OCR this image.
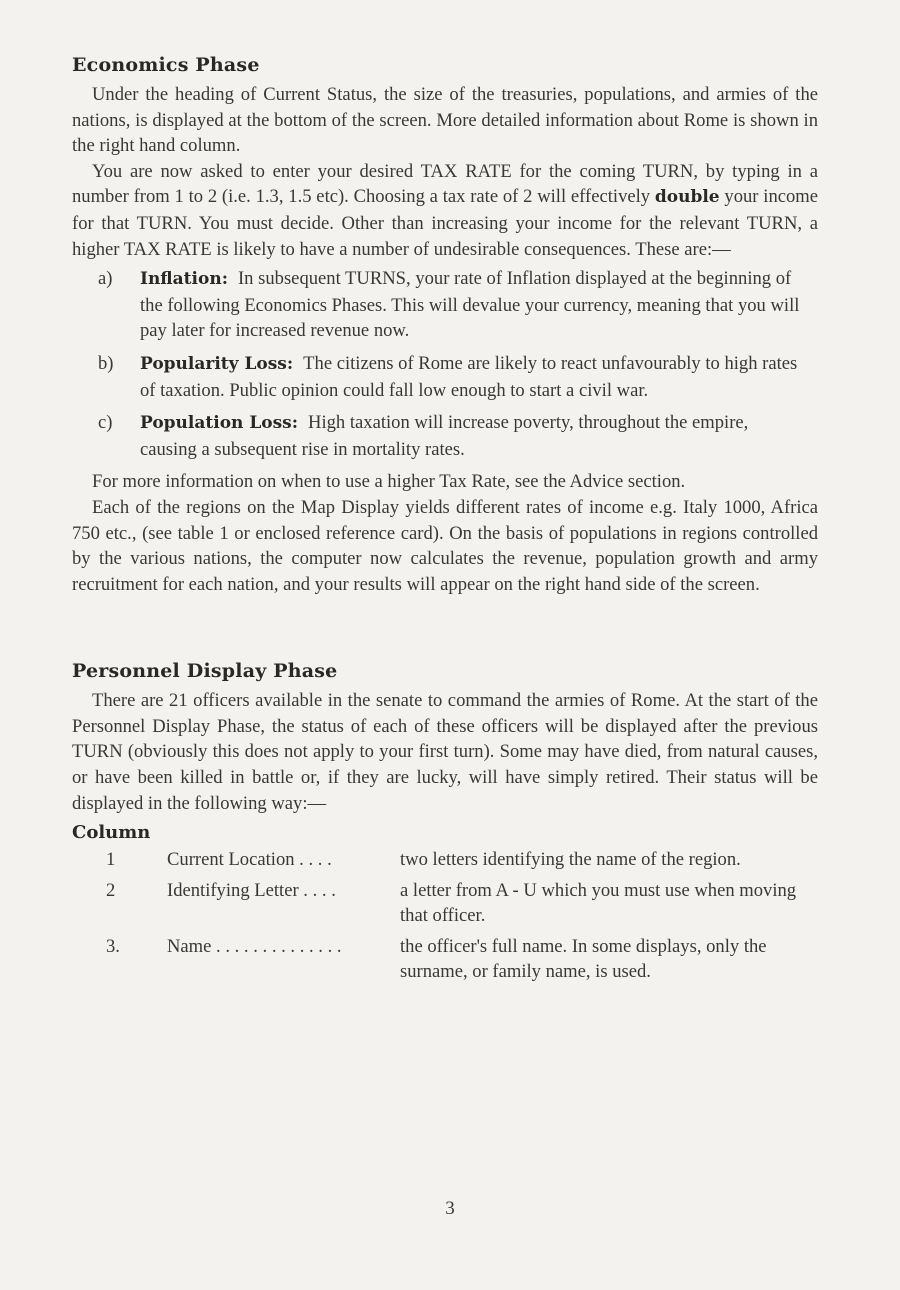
Economics Phase

Under the heading of Current Status, the size of the treasuries, populations, and armies of the nations, is displayed at the bottom of the screen. More detailed information about Rome is shown in the right hand column.

You are now asked to enter your desired TAX RATE for the coming TURN, by typing in a number from 1 to 2 (i.e. 1.3, 1.5 etc). Choosing a tax rate of 2 will effectively double your income for that TURN. You must decide. Other than increasing your income for the relevant TURN, a higher TAX RATE is likely to have a number of undesirable consequences. These are:—

a)	Inflation: In subsequent TURNS, your rate of Inflation displayed at the beginning of the following Economics Phases. This will devalue your currency, meaning that you will pay later for increased revenue now.
b)	Popularity Loss: The citizens of Rome are likely to react unfavourably to high rates of taxation. Public opinion could fall low enough to start a civil war.
c)	Population Loss: High taxation will increase poverty, throughout the empire, causing a subsequent rise in mortality rates.

For more information on when to use a higher Tax Rate, see the Advice section.

Each of the regions on the Map Display yields different rates of income e.g. Italy 1000, Africa 750 etc., (see table 1 or enclosed reference card). On the basis of populations in regions controlled by the various nations, the computer now calculates the revenue, population growth and army recruitment for each nation, and your results will appear on the right hand side of the screen.

Personnel Display Phase

There are 21 officers available in the senate to command the armies of Rome. At the start of the Personnel Display Phase, the status of each of these officers will be displayed after the previous TURN (obviously this does not apply to your first turn). Some may have died, from natural causes, or have been killed in battle or, if they are lucky, will have simply retired. Their status will be displayed in the following way:—

Column
1	Current Location . . . .	two letters identifying the name of the region.
2	Identifying Letter . . . .	a letter from A - U which you must use when moving that officer.
3.	Name . . . . . . . . . . . . . .	the officer's full name. In some displays, only the surname, or family name, is used.
3
